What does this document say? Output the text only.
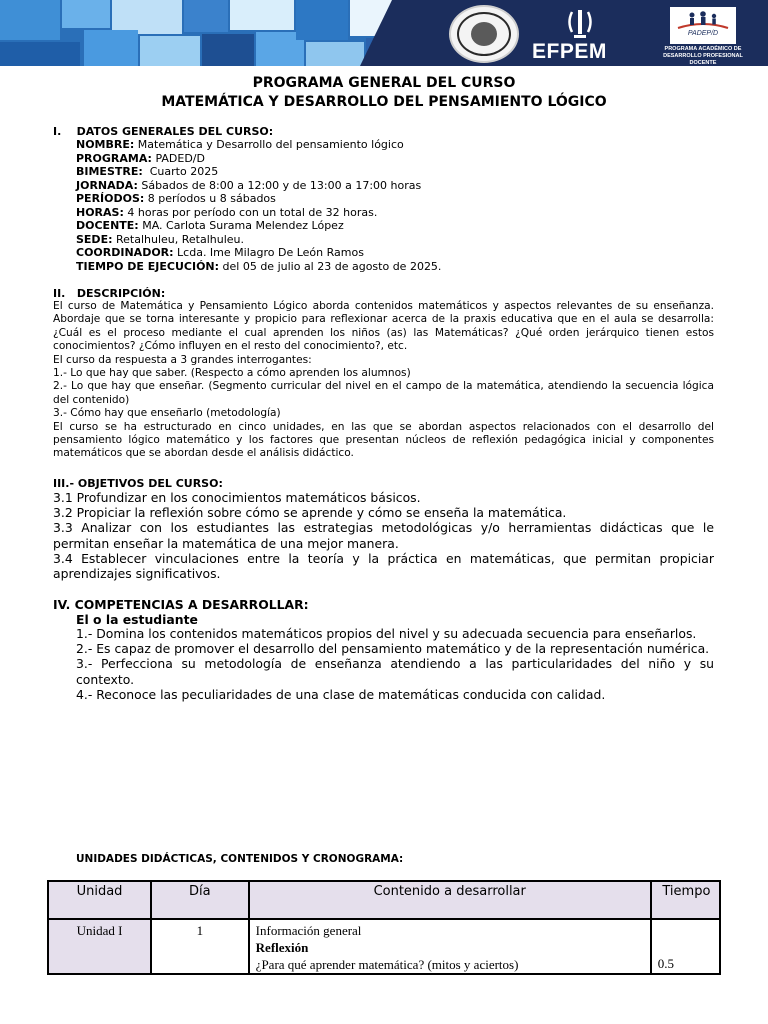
EFPEM
PADEP/D
PROGRAMA ACADÉMICO DE
DESARROLLO PROFESIONAL DOCENTE
PROGRAMA GENERAL DEL CURSO
MATEMÁTICA Y DESARROLLO DEL PENSAMIENTO LÓGICO
I.    DATOS GENERALES DEL CURSO:
NOMBRE: Matemática y Desarrollo del pensamiento lógico
PROGRAMA: PADED/D
BIMESTRE:  Cuarto 2025
JORNADA: Sábados de 8:00 a 12:00 y de 13:00 a 17:00 horas
PERÍODOS: 8 períodos u 8 sábados
HORAS: 4 horas por período con un total de 32 horas.
DOCENTE: MA. Carlota Surama Melendez López
SEDE: Retalhuleu, Retalhuleu.
COORDINADOR: Lcda. Ime Milagro De León Ramos
TIEMPO DE EJECUCIÓN: del 05 de julio al 23 de agosto de 2025.
II.   DESCRIPCIÓN:

El curso de Matemática y Pensamiento Lógico aborda contenidos matemáticos y aspectos relevantes de su enseñanza. Abordaje que se torna interesante y propicio para reflexionar acerca de la praxis educativa que en el aula se desarrolla: ¿Cuál es el proceso mediante el cual aprenden los niños (as) las Matemáticas? ¿Qué orden jerárquico tienen estos conocimientos? ¿Cómo influyen en el resto del conocimiento?, etc.

El curso da respuesta a 3 grandes interrogantes:

1.- Lo que hay que saber. (Respecto a cómo aprenden los alumnos)

2.- Lo que hay que enseñar. (Segmento curricular del nivel en el campo de la matemática, atendiendo la secuencia lógica del contenido)

3.- Cómo hay que enseñarlo (metodología)

El curso se ha estructurado en cinco unidades, en las que se abordan aspectos relacionados con el desarrollo del pensamiento lógico matemático y los factores que presentan núcleos de reflexión pedagógica inicial y componentes matemáticos que se abordan desde el análisis didáctico.

III.- OBJETIVOS DEL CURSO:

3.1 Profundizar en los conocimientos matemáticos básicos.

3.2 Propiciar la reflexión sobre cómo se aprende y cómo se enseña la matemática.

3.3 Analizar con los estudiantes las estrategias metodológicas y/o herramientas didácticas que le permitan enseñar la matemática de una mejor manera.

3.4 Establecer vinculaciones entre la teoría y la práctica en matemáticas, que permitan propiciar aprendizajes significativos.

IV. COMPETENCIAS A DESARROLLAR:
El o la estudiante

1.- Domina los contenidos matemáticos propios del nivel y su adecuada secuencia para enseñarlos.

2.- Es capaz de promover el desarrollo del pensamiento matemático y de la representación numérica.

3.- Perfecciona su metodología de enseñanza atendiendo a las particularidades del niño y su contexto.

4.- Reconoce las peculiaridades de una clase de matemáticas conducida con calidad.

UNIDADES DIDÁCTICAS, CONTENIDOS Y CRONOGRAMA:
Unidad	Día	Contenido a desarrollar	Tiempo
Unidad I	1	Información general
Reflexión
¿Para qué aprender matemática? (mitos y aciertos)	0.5
